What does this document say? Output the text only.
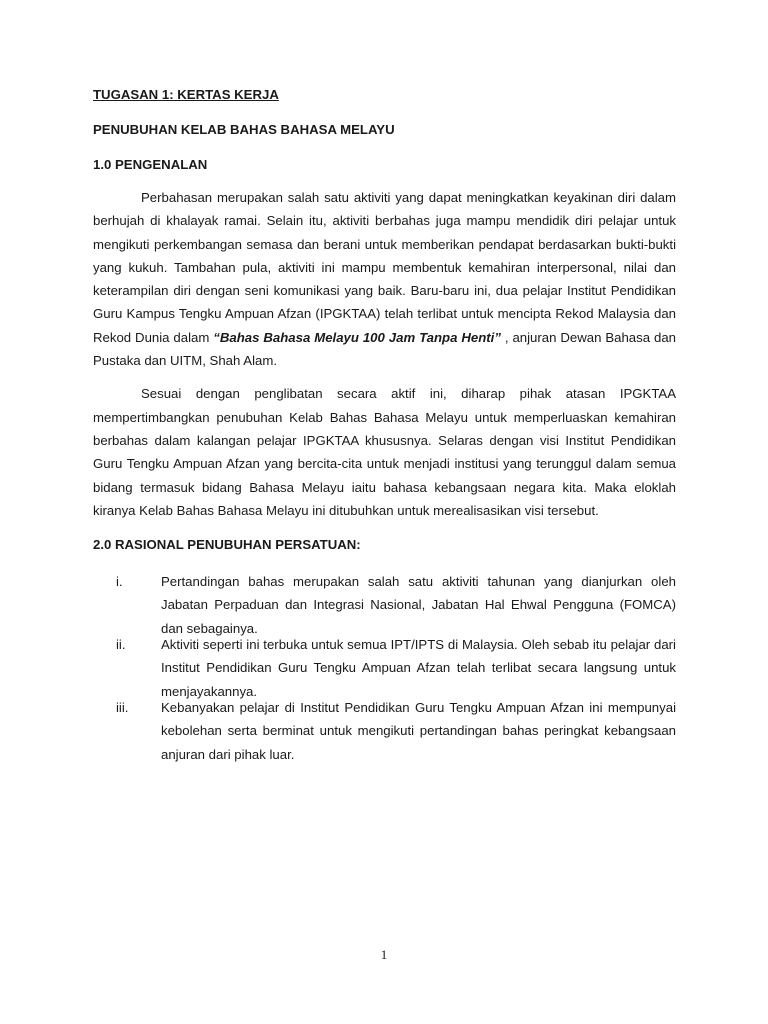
TUGASAN 1: KERTAS KERJA

PENUBUHAN KELAB BAHAS BAHASA MELAYU

1.0 PENGENALAN

Perbahasan merupakan salah satu aktiviti yang dapat meningkatkan keyakinan diri dalam berhujah di khalayak ramai. Selain itu, aktiviti berbahas juga mampu mendidik diri pelajar untuk mengikuti perkembangan semasa dan berani untuk memberikan pendapat berdasarkan bukti-bukti yang kukuh. Tambahan pula, aktiviti ini mampu membentuk kemahiran interpersonal, nilai dan keterampilan diri dengan seni komunikasi yang baik. Baru-baru ini, dua pelajar Institut Pendidikan Guru Kampus Tengku Ampuan Afzan (IPGKTAA) telah terlibat untuk mencipta Rekod Malaysia dan Rekod Dunia dalam “Bahas Bahasa Melayu 100 Jam Tanpa Henti” , anjuran Dewan Bahasa dan Pustaka dan UITM, Shah Alam.

Sesuai dengan penglibatan secara aktif ini, diharap pihak atasan IPGKTAA mempertimbangkan penubuhan Kelab Bahas Bahasa Melayu untuk memperluaskan kemahiran berbahas dalam kalangan pelajar IPGKTAA khususnya. Selaras dengan visi Institut Pendidikan Guru Tengku Ampuan Afzan yang bercita-cita untuk menjadi institusi yang terunggul dalam semua bidang termasuk bidang Bahasa Melayu iaitu bahasa kebangsaan negara kita. Maka eloklah kiranya Kelab Bahas Bahasa Melayu ini ditubuhkan untuk merealisasikan visi tersebut.

2.0 RASIONAL PENUBUHAN PERSATUAN:

i.	Pertandingan bahas merupakan salah satu aktiviti tahunan yang dianjurkan oleh Jabatan Perpaduan dan Integrasi Nasional, Jabatan Hal Ehwal Pengguna (FOMCA) dan sebagainya.
ii.	Aktiviti seperti ini terbuka untuk semua IPT/IPTS di Malaysia. Oleh sebab itu pelajar dari Institut Pendidikan Guru Tengku Ampuan Afzan telah terlibat secara langsung untuk menjayakannya.
iii.	Kebanyakan pelajar di Institut Pendidikan Guru Tengku Ampuan Afzan ini mempunyai kebolehan serta berminat untuk mengikuti pertandingan bahas peringkat kebangsaan anjuran dari pihak luar.
1
